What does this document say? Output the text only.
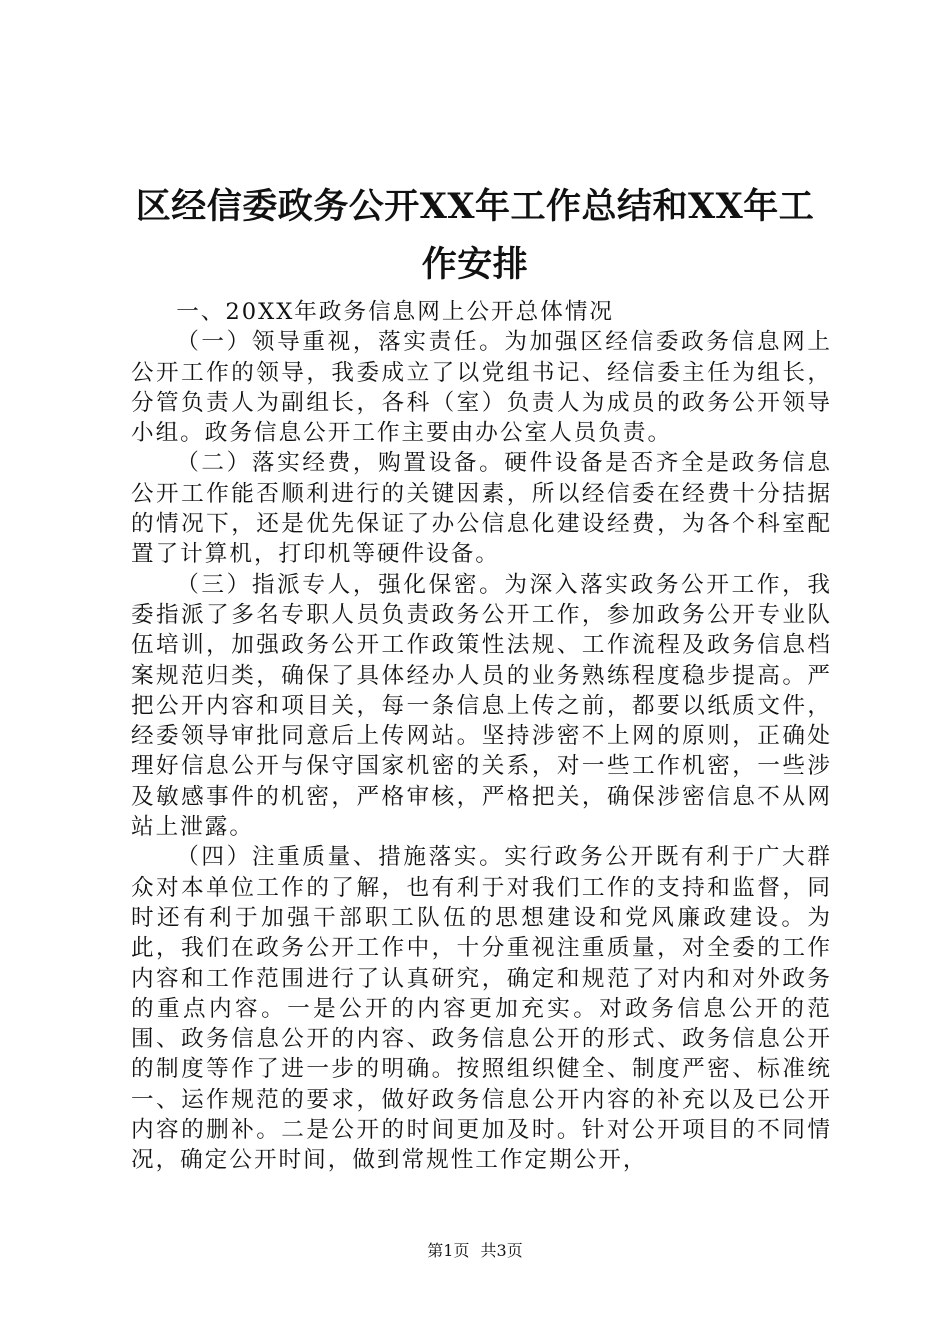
区经信委政务公开XX年工作总结和XX年工作安排

一、20XX年政务信息网上公开总体情况

（一）领导重视，落实责任。为加强区经信委政务信息网上公开工作的领导，我委成立了以党组书记、经信委主任为组长，分管负责人为副组长，各科（室）负责人为成员的政务公开领导小组。政务信息公开工作主要由办公室人员负责。

（二）落实经费，购置设备。硬件设备是否齐全是政务信息公开工作能否顺利进行的关键因素，所以经信委在经费十分拮据的情况下，还是优先保证了办公信息化建设经费，为各个科室配置了计算机，打印机等硬件设备。

（三）指派专人，强化保密。为深入落实政务公开工作，我委指派了多名专职人员负责政务公开工作，参加政务公开专业队伍培训，加强政务公开工作政策性法规、工作流程及政务信息档案规范归类，确保了具体经办人员的业务熟练程度稳步提高。严把公开内容和项目关，每一条信息上传之前，都要以纸质文件，经委领导审批同意后上传网站。坚持涉密不上网的原则，正确处理好信息公开与保守国家机密的关系，对一些工作机密，一些涉及敏感事件的机密，严格审核，严格把关，确保涉密信息不从网站上泄露。

（四）注重质量、措施落实。实行政务公开既有利于广大群众对本单位工作的了解，也有利于对我们工作的支持和监督，同时还有利于加强干部职工队伍的思想建设和党风廉政建设。为此，我们在政务公开工作中，十分重视注重质量，对全委的工作内容和工作范围进行了认真研究，确定和规范了对内和对外政务的重点内容。一是公开的内容更加充实。对政务信息公开的范围、政务信息公开的内容、政务信息公开的形式、政务信息公开的制度等作了进一步的明确。按照组织健全、制度严密、标准统一、运作规范的要求，做好政务信息公开内容的补充以及已公开内容的删补。二是公开的时间更加及时。针对公开项目的不同情况，确定公开时间，做到常规性工作定期公开，

第1页 共3页
